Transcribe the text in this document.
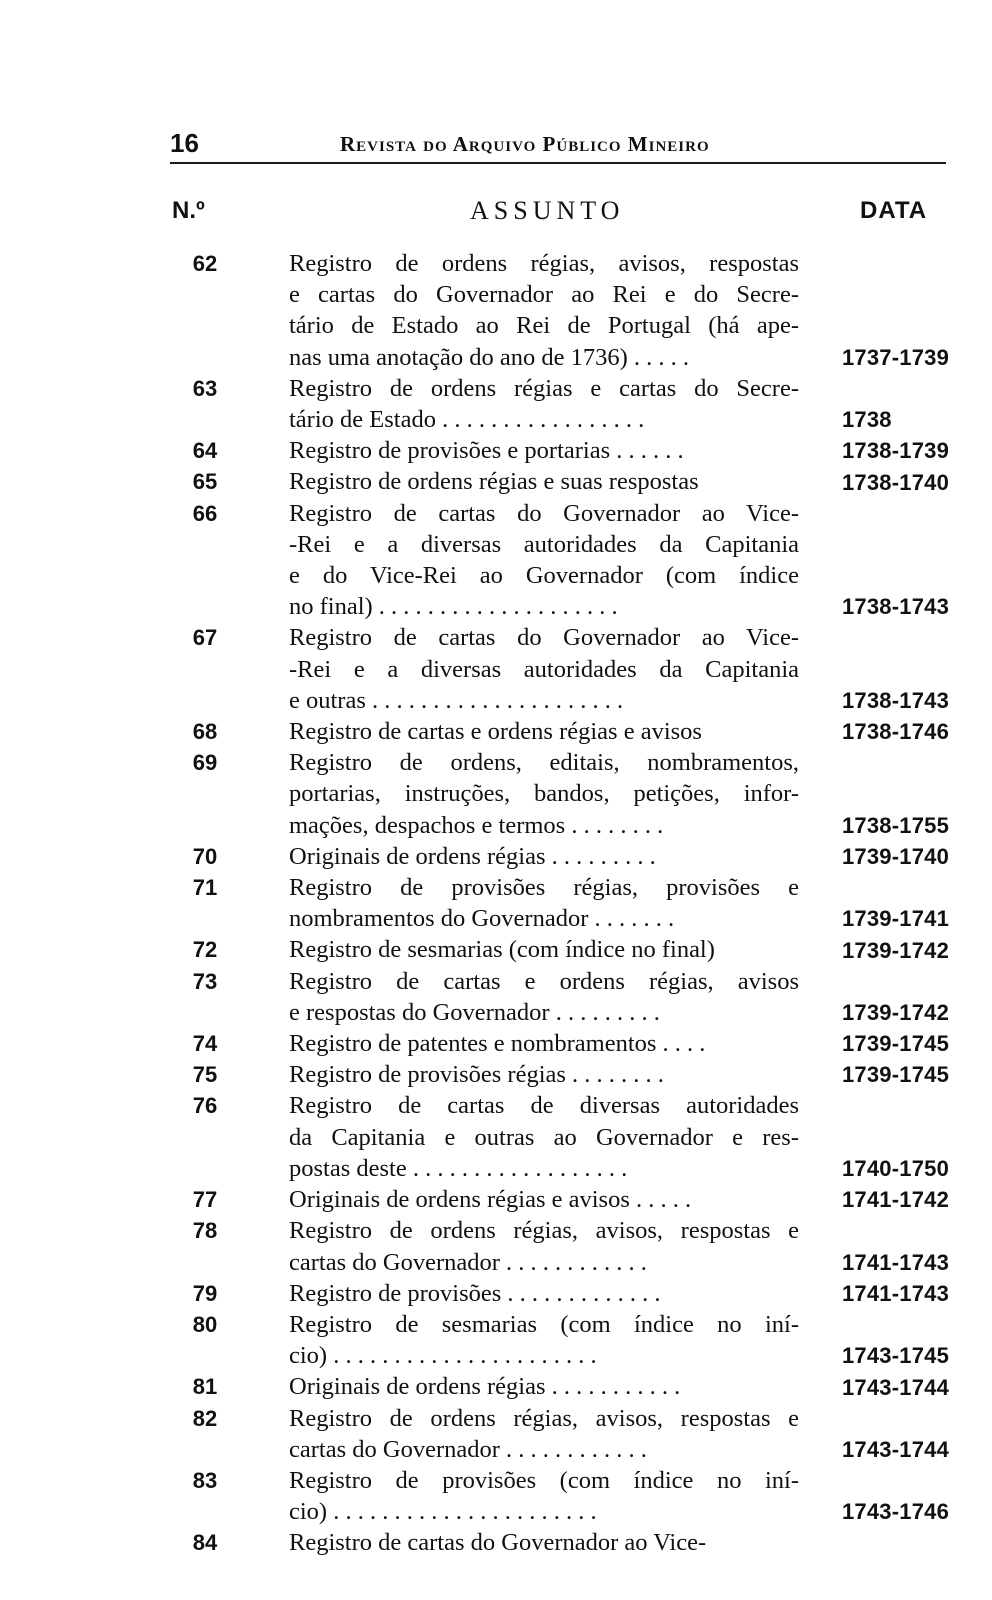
16	Revista do Arquivo Público Mineiro
N.º	ASSUNTO	DATA
62	Registro de ordens régias, avisos, respostas
e cartas do Governador ao Rei e do Secre-
tário de Estado ao Rei de Portugal (há ape-
nas uma anotação do ano de 1736) . . . . .	1737-1739
63	Registro de ordens régias e cartas do Secre-
tário de Estado . . . . . . . . . . . . . . . . .	1738
64	Registro de provisões e portarias . . . . . .	1738-1739
65	Registro de ordens régias e suas respostas	1738-1740
66	Registro de cartas do Governador ao Vice-
-Rei e a diversas autoridades da Capitania
e do Vice-Rei ao Governador (com índice
no final) . . . . . . . . . . . . . . . . . . . .	1738-1743
67	Registro de cartas do Governador ao Vice-
-Rei e a diversas autoridades da Capitania
e outras . . . . . . . . . . . . . . . . . . . . .	1738-1743
68	Registro de cartas e ordens régias e avisos	1738-1746
69	Registro de ordens, editais, nombramentos,
portarias, instruções, bandos, petições, infor-
mações, despachos e termos . . . . . . . .	1738-1755
70	Originais de ordens régias . . . . . . . . .	1739-1740
71	Registro de provisões régias, provisões e
nombramentos do Governador . . . . . . .	1739-1741
72	Registro de sesmarias (com índice no final)	1739-1742
73	Registro de cartas e ordens régias, avisos
e respostas do Governador . . . . . . . . .	1739-1742
74	Registro de patentes e nombramentos . . . .	1739-1745
75	Registro de provisões régias . . . . . . . .	1739-1745
76	Registro de cartas de diversas autoridades
da Capitania e outras ao Governador e res-
postas deste . . . . . . . . . . . . . . . . . .	1740-1750
77	Originais de ordens régias e avisos . . . . .	1741-1742
78	Registro de ordens régias, avisos, respostas e
cartas do Governador . . . . . . . . . . . .	1741-1743
79	Registro de provisões . . . . . . . . . . . . .	1741-1743
80	Registro de sesmarias (com índice no iní-
cio) . . . . . . . . . . . . . . . . . . . . . .	1743-1745
81	Originais de ordens régias . . . . . . . . . . .	1743-1744
82	Registro de ordens régias, avisos, respostas e
cartas do Governador . . . . . . . . . . . .	1743-1744
83	Registro de provisões (com índice no iní-
cio) . . . . . . . . . . . . . . . . . . . . . .	1743-1746
84	Registro de cartas do Governador ao Vice-
